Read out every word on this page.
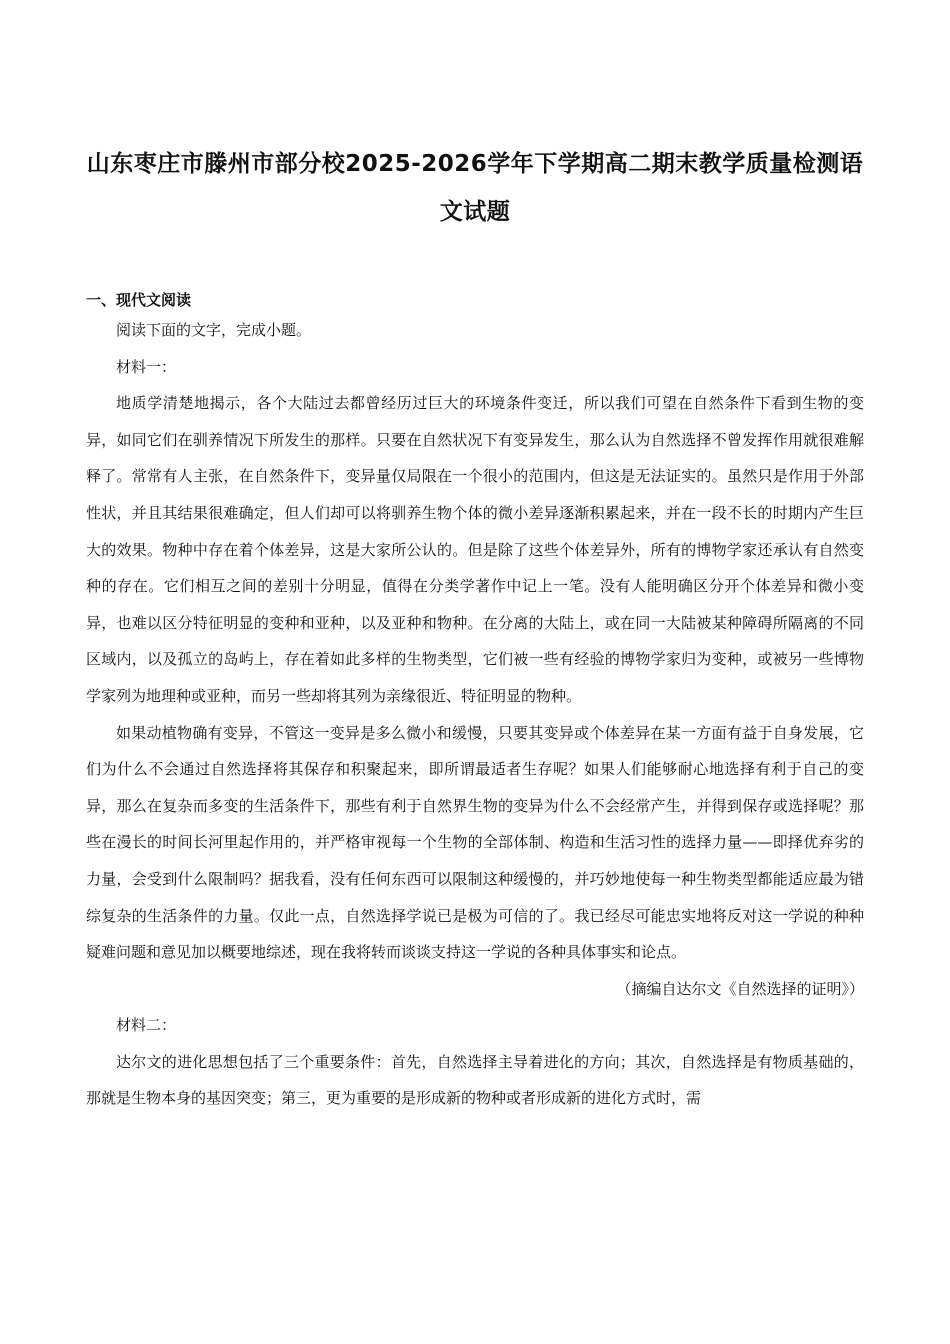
山东枣庄市滕州市部分校2025-2026学年下学期高二期末教学质量检测语文试题
一、现代文阅读

阅读下面的文字，完成小题。

材料一：

地质学清楚地揭示，各个大陆过去都曾经历过巨大的环境条件变迁，所以我们可望在自然条件下看到生物的变异，如同它们在驯养情况下所发生的那样。只要在自然状况下有变异发生，那么认为自然选择不曾发挥作用就很难解释了。常常有人主张，在自然条件下，变异量仅局限在一个很小的范围内，但这是无法证实的。虽然只是作用于外部性状，并且其结果很难确定，但人们却可以将驯养生物个体的微小差异逐渐积累起来，并在一段不长的时期内产生巨大的效果。物种中存在着个体差异，这是大家所公认的。但是除了这些个体差异外，所有的博物学家还承认有自然变种的存在。它们相互之间的差别十分明显，值得在分类学著作中记上一笔。没有人能明确区分开个体差异和微小变异，也难以区分特征明显的变种和亚种，以及亚种和物种。在分离的大陆上，或在同一大陆被某种障碍所隔离的不同区域内，以及孤立的岛屿上，存在着如此多样的生物类型，它们被一些有经验的博物学家归为变种，或被另一些博物学家列为地理种或亚种，而另一些却将其列为亲缘很近、特征明显的物种。

如果动植物确有变异，不管这一变异是多么微小和缓慢，只要其变异或个体差异在某一方面有益于自身发展，它们为什么不会通过自然选择将其保存和积聚起来，即所谓最适者生存呢？如果人们能够耐心地选择有利于自己的变异，那么在复杂而多变的生活条件下，那些有利于自然界生物的变异为什么不会经常产生，并得到保存或选择呢？那些在漫长的时间长河里起作用的，并严格审视每一个生物的全部体制、构造和生活习性的选择力量——即择优弃劣的力量，会受到什么限制吗？据我看，没有任何东西可以限制这种缓慢的，并巧妙地使每一种生物类型都能适应最为错综复杂的生活条件的力量。仅此一点，自然选择学说已是极为可信的了。我已经尽可能忠实地将反对这一学说的种种疑难问题和意见加以概要地综述，现在我将转而谈谈支持这一学说的各种具体事实和论点。

（摘编自达尔文《自然选择的证明》）

材料二：

达尔文的进化思想包括了三个重要条件：首先，自然选择主导着进化的方向；其次，自然选择是有物质基础的，那就是生物本身的基因突变；第三，更为重要的是形成新的物种或者形成新的进化方式时，需
